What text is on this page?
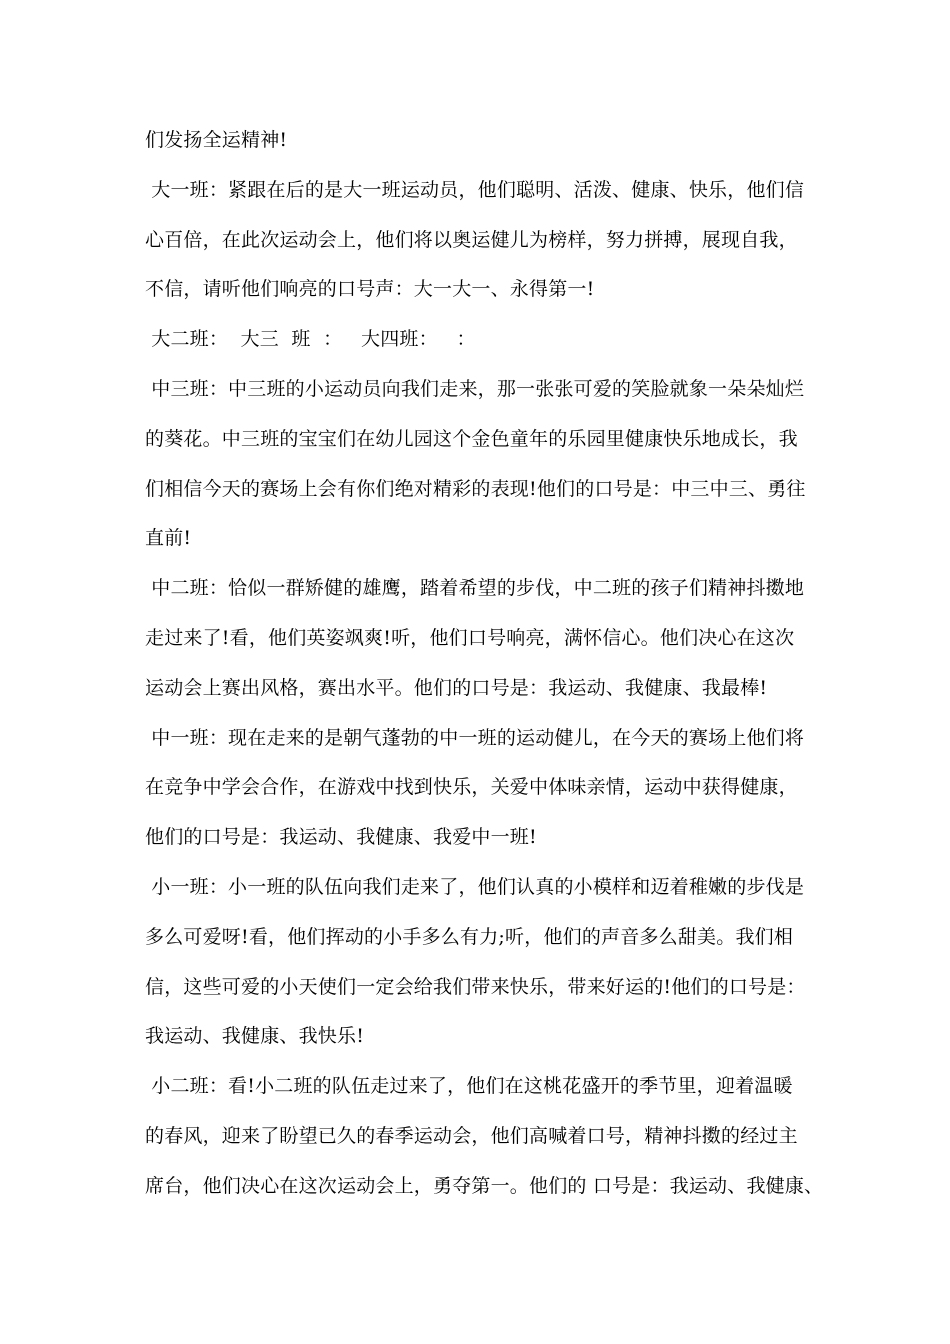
们发扬全运精神!
大一班：紧跟在后的是大一班运动员，他们聪明、活泼、健康、快乐，他们信
心百倍，在此次运动会上，他们将以奥运健儿为榜样，努力拼搏，展现自我，
不信，请听他们响亮的口号声：大一大一、永得第一!
大二班：  大三  班  ：   大四班：   ：
中三班：中三班的小运动员向我们走来，那一张张可爱的笑脸就象一朵朵灿烂
的葵花。中三班的宝宝们在幼儿园这个金色童年的乐园里健康快乐地成长，我
们相信今天的赛场上会有你们绝对精彩的表现!他们的口号是：中三中三、勇往
直前!
中二班：恰似一群矫健的雄鹰，踏着希望的步伐，中二班的孩子们精神抖擞地
走过来了!看，他们英姿飒爽!听，他们口号响亮，满怀信心。他们决心在这次
运动会上赛出风格，赛出水平。他们的口号是：我运动、我健康、我最棒!
中一班：现在走来的是朝气蓬勃的中一班的运动健儿，在今天的赛场上他们将
在竞争中学会合作，在游戏中找到快乐，关爱中体味亲情，运动中获得健康，
他们的口号是：我运动、我健康、我爱中一班!
小一班：小一班的队伍向我们走来了，他们认真的小模样和迈着稚嫩的步伐是
多么可爱呀!看，他们挥动的小手多么有力;听，他们的声音多么甜美。我们相
信，这些可爱的小天使们一定会给我们带来快乐，带来好运的!他们的口号是：
我运动、我健康、我快乐!
小二班：看!小二班的队伍走过来了，他们在这桃花盛开的季节里，迎着温暖
的春风，迎来了盼望已久的春季运动会，他们高喊着口号，精神抖擞的经过主
席台，他们决心在这次运动会上，勇夺第一。他们的 口号是：我运动、我健康、
